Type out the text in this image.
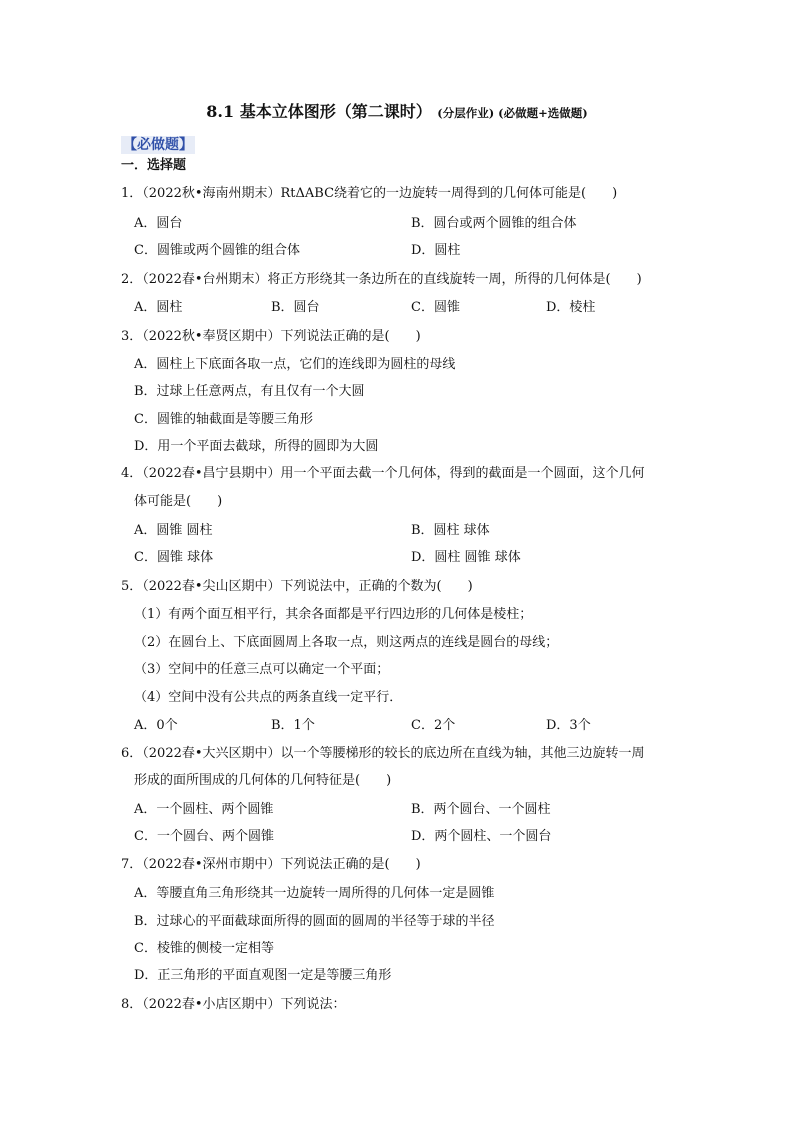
8.1 基本立体图形（第二课时） (分层作业) (必做题+选做题)
【必做题】
一．选择题
1．（2022秋•海南州期末）RtΔABC绕着它的一边旋转一周得到的几何体可能是(　　)
A．圆台	B．圆台或两个圆锥的组合体
C．圆锥或两个圆锥的组合体	D．圆柱
2．（2022春•台州期末）将正方形绕其一条边所在的直线旋转一周，所得的几何体是(　　)
A．圆柱	B．圆台	C．圆锥	D．棱柱
3．（2022秋•奉贤区期中）下列说法正确的是(　　)
A．圆柱上下底面各取一点，它们的连线即为圆柱的母线
B．过球上任意两点，有且仅有一个大圆
C．圆锥的轴截面是等腰三角形
D．用一个平面去截球，所得的圆即为大圆
4．（2022春•昌宁县期中）用一个平面去截一个几何体，得到的截面是一个圆面，这个几何
体可能是(　　)
A．圆锥 圆柱	B．圆柱 球体
C．圆锥 球体	D．圆柱 圆锥 球体
5．（2022春•尖山区期中）下列说法中，正确的个数为(　　)
（1）有两个面互相平行，其余各面都是平行四边形的几何体是棱柱；
（2）在圆台上、下底面圆周上各取一点，则这两点的连线是圆台的母线；
（3）空间中的任意三点可以确定一个平面；
（4）空间中没有公共点的两条直线一定平行．
A．0个	B．1个	C．2个	D．3个
6．（2022春•大兴区期中）以一个等腰梯形的较长的底边所在直线为轴，其他三边旋转一周
形成的面所围成的几何体的几何特征是(　　)
A．一个圆柱、两个圆锥	B．两个圆台、一个圆柱
C．一个圆台、两个圆锥	D．两个圆柱、一个圆台
7．（2022春•深州市期中）下列说法正确的是(　　)
A．等腰直角三角形绕其一边旋转一周所得的几何体一定是圆锥
B．过球心的平面截球面所得的圆面的圆周的半径等于球的半径
C．棱锥的侧棱一定相等
D．正三角形的平面直观图一定是等腰三角形
8．（2022春•小店区期中）下列说法：
